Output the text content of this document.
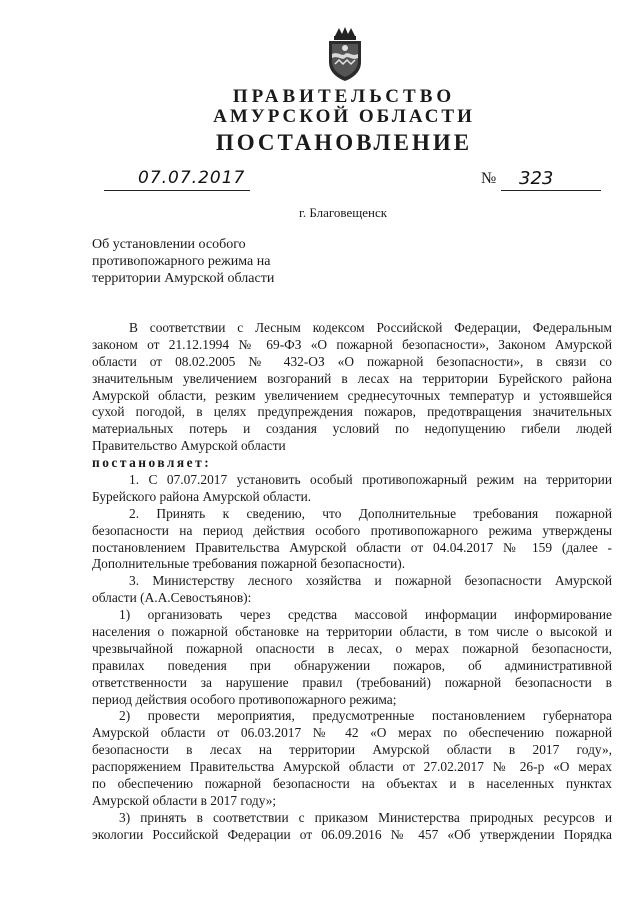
ПРАВИТЕЛЬСТВО
АМУРСКОЙ ОБЛАСТИ
ПОСТАНОВЛЕНИЕ
07.07.2017	№ 323
г. Благовещенск
Об установлении особого
противопожарного режима на
территории Амурской области
В соответствии с Лесным кодексом Российской Федерации, Федеральным
законом от 21.12.1994 № 69-ФЗ «О пожарной безопасности», Законом Амурской
области от 08.02.2005 № 432-ОЗ «О пожарной безопасности», в связи со
значительным увеличением возгораний в лесах на территории Бурейского района
Амурской области, резким увеличением среднесуточных температур и устоявшейся
сухой погодой, в целях предупреждения пожаров, предотвращения значительных
материальных потерь и создания условий по недопущению гибели людей
Правительство Амурской области
постановляет:
1. С 07.07.2017 установить особый противопожарный режим на территории
Бурейского района Амурской области.
2. Принять к сведению, что Дополнительные требования пожарной
безопасности на период действия особого противопожарного режима утверждены
постановлением Правительства Амурской области от 04.04.2017 № 159 (далее -
Дополнительные требования пожарной безопасности).
3. Министерству лесного хозяйства и пожарной безопасности Амурской
области (А.А.Севостьянов):
1) организовать через средства массовой информации информирование
населения о пожарной обстановке на территории области, в том числе о высокой и
чрезвычайной пожарной опасности в лесах, о мерах пожарной безопасности,
правилах поведения при обнаружении пожаров, об административной
ответственности за нарушение правил (требований) пожарной безопасности в
период действия особого противопожарного режима;
2) провести мероприятия, предусмотренные постановлением губернатора
Амурской области от 06.03.2017 № 42 «О мерах по обеспечению пожарной
безопасности в лесах на территории Амурской области в 2017 году»,
распоряжением Правительства Амурской области от 27.02.2017 № 26-р «О мерах
по обеспечению пожарной безопасности на объектах и в населенных пунктах
Амурской области в 2017 году»;
3) принять в соответствии с приказом Министерства природных ресурсов и
экологии Российской Федерации от 06.09.2016 № 457 «Об утверждении Порядка
